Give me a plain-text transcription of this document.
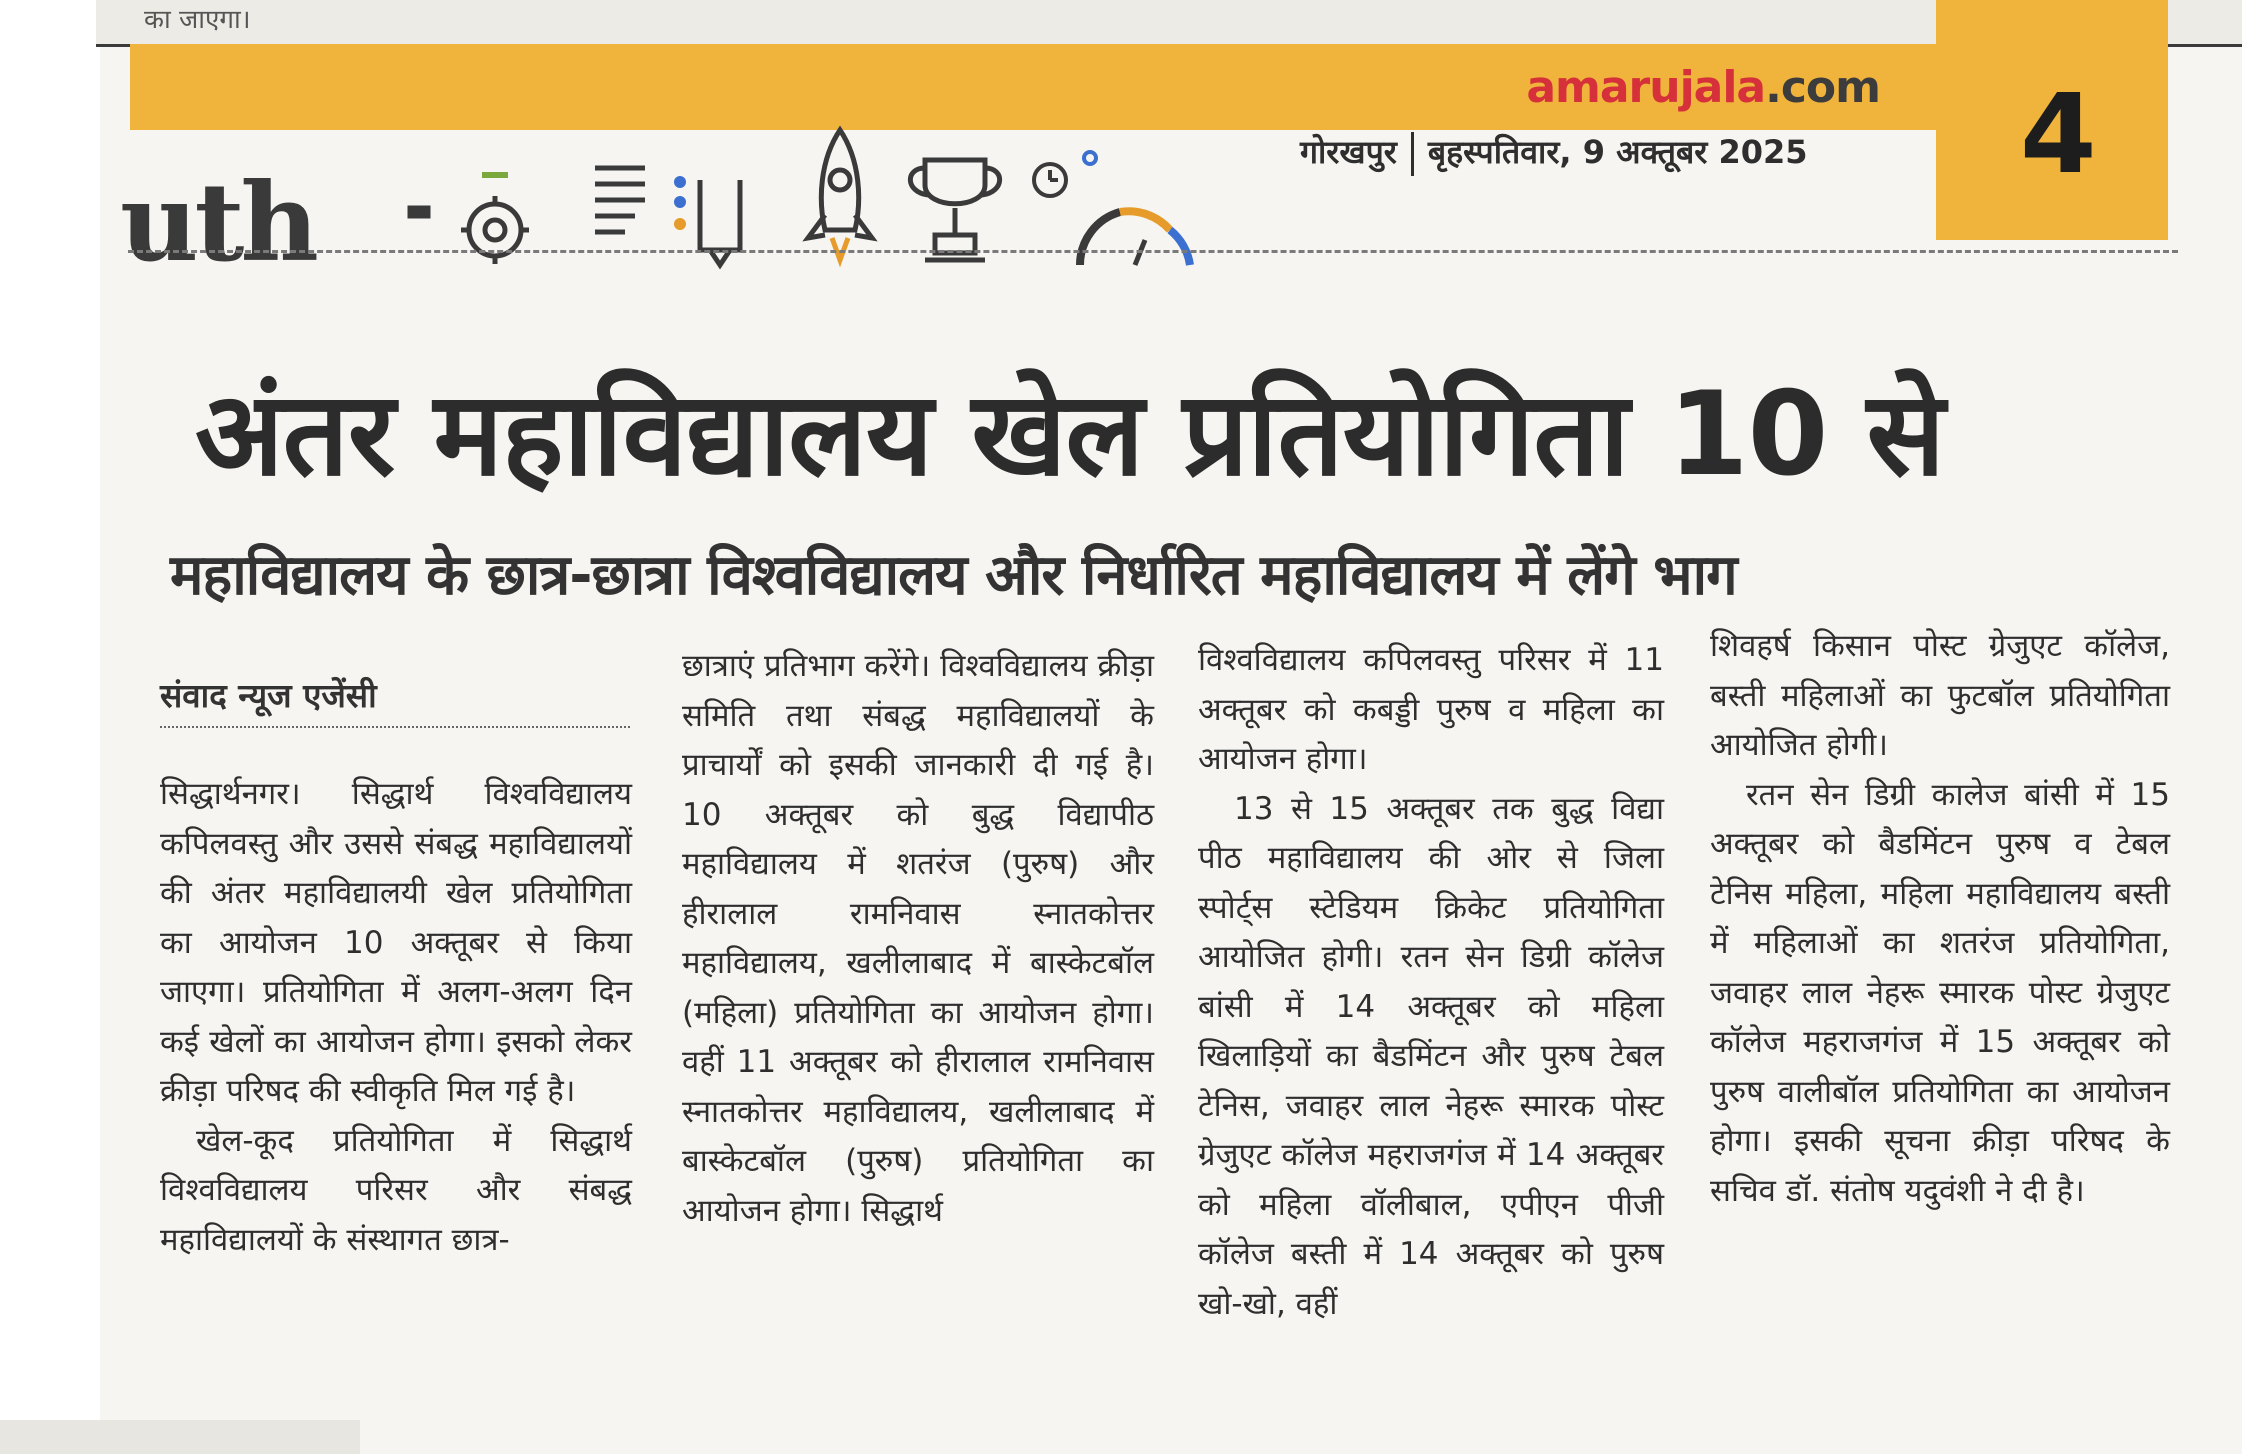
का जाएगा।
amarujala.com 4
गोरखपुर बृहस्पतिवार, 9 अक्तूबर 2025
uth
अंतर महाविद्यालय खेल प्रतियोगिता 10 से
महाविद्यालय के छात्र-छात्रा विश्वविद्यालय और निर्धारित महाविद्यालय में लेंगे भाग
संवाद न्यूज एजेंसी

सिद्धार्थनगर। सिद्धार्थ विश्वविद्यालय कपिलवस्तु और उससे संबद्ध महाविद्यालयों की अंतर महाविद्यालयी खेल प्रतियोगिता का आयोजन 10 अक्तूबर से किया जाएगा। प्रतियोगिता में अलग-अलग दिन कई खेलों का आयोजन होगा। इसको लेकर क्रीड़ा परिषद की स्वीकृति मिल गई है।

खेल-कूद प्रतियोगिता में सिद्धार्थ विश्वविद्यालय परिसर और संबद्ध महाविद्यालयों के संस्थागत छात्र-

छात्राएं प्रतिभाग करेंगे। विश्वविद्यालय क्रीड़ा समिति तथा संबद्ध महाविद्यालयों के प्राचार्यों को इसकी जानकारी दी गई है। 10 अक्तूबर को बुद्ध विद्यापीठ महाविद्यालय में शतरंज (पुरुष) और हीरालाल रामनिवास स्नातकोत्तर महाविद्यालय, खलीलाबाद में बास्केटबॉल (महिला) प्रतियोगिता का आयोजन होगा। वहीं 11 अक्तूबर को हीरालाल रामनिवास स्नातकोत्तर महाविद्यालय, खलीलाबाद में बास्केटबॉल (पुरुष) प्रतियोगिता का आयोजन होगा। सिद्धार्थ

विश्वविद्यालय कपिलवस्तु परिसर में 11 अक्तूबर को कबड्डी पुरुष व महिला का आयोजन होगा।

13 से 15 अक्तूबर तक बुद्ध विद्या पीठ महाविद्यालय की ओर से जिला स्पोर्ट्स स्टेडियम क्रिकेट प्रतियोगिता आयोजित होगी। रतन सेन डिग्री कॉलेज बांसी में 14 अक्तूबर को महिला खिलाड़ियों का बैडमिंटन और पुरुष टेबल टेनिस, जवाहर लाल नेहरू स्मारक पोस्ट ग्रेजुएट कॉलेज महराजगंज में 14 अक्तूबर को महिला वॉलीबाल, एपीएन पीजी कॉलेज बस्ती में 14 अक्तूबर को पुरुष खो-खो, वहीं

शिवहर्ष किसान पोस्ट ग्रेजुएट कॉलेज, बस्ती महिलाओं का फुटबॉल प्रतियोगिता आयोजित होगी।

रतन सेन डिग्री कालेज बांसी में 15 अक्तूबर को बैडमिंटन पुरुष व टेबल टेनिस महिला, महिला महाविद्यालय बस्ती में महिलाओं का शतरंज प्रतियोगिता, जवाहर लाल नेहरू स्मारक पोस्ट ग्रेजुएट कॉलेज महराजगंज में 15 अक्तूबर को पुरुष वालीबॉल प्रतियोगिता का आयोजन होगा। इसकी सूचना क्रीड़ा परिषद के सचिव डॉ. संतोष यदुवंशी ने दी है।
